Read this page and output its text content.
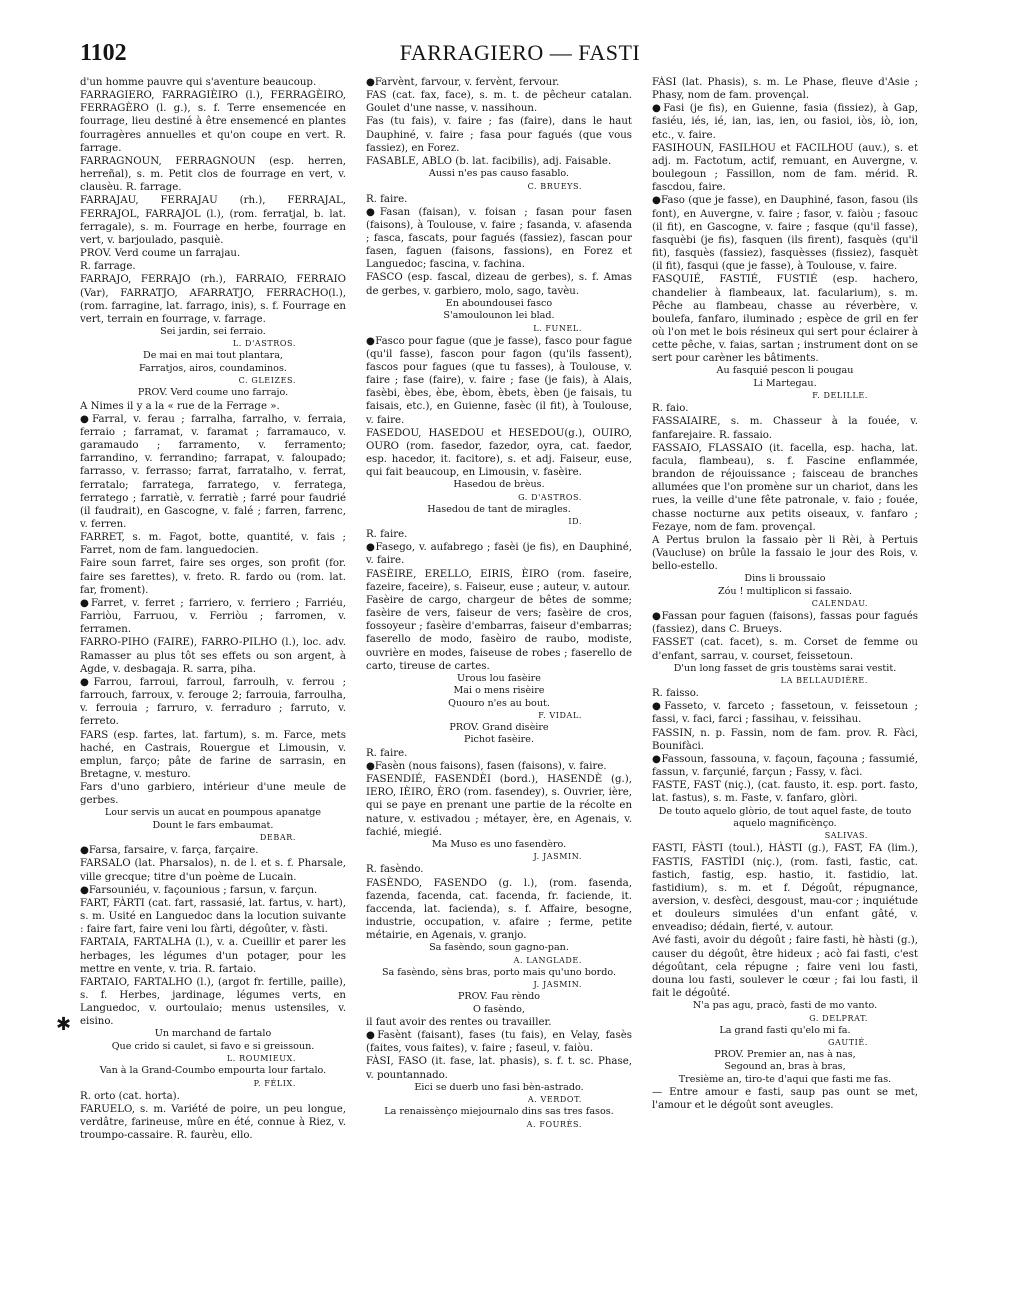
1102	FARRAGIERO — FASTI
✱

d'un homme pauvre qui s'aventure beaucoup.

FARRAGIERO, FARRAGIÈIRO (l.), FERRAGÈIRO, FERRAGÈRO (l. g.), s. f. Terre ensemencée en fourrage, lieu destiné à être ensemencé en plantes fourragères annuelles et qu'on coupe en vert. R. farrage.

FARRAGNOUN, FERRAGNOUN (esp. herren, herreñal), s. m. Petit clos de fourrage en vert, v. clausèu. R. farrage.

FARRAJAU, FERRAJAU (rh.), FERRAJAL, FERRAJOL, FARRAJOL (l.), (rom. ferratjal, b. lat. ferragale), s. m. Fourrage en herbe, fourrage en vert, v. barjoulado, pasquiè.

PROV. Verd coume un farrajau.

R. farrage.

FARRAJO, FERRAJO (rh.), FARRAIO, FERRAIO (Var), FARRATJO, AFARRATJO, FERRACHO(l.), (rom. farragine, lat. farrago, inis), s. f. Fourrage en vert, terrain en fourrage, v. farrage.

Sei jardin, sei ferraio.

L. D'ASTROS.

De mai en mai tout plantara,

Farratjos, airos, coundaminos.

C. GLEIZES.

PROV. Verd coume uno farrajo.

A Nimes il y a la « rue de la Ferrage ».

●Farral, v. ferau ; farralha, farralho, v. ferraia, ferraio ; farramat, v. faramat ; farramauco, v. garamaudo ; farramento, v. ferramento; farrandino, v. ferrandino; farrapat, v. faloupado; farrasso, v. ferrasso; farrat, farratalho, v. ferrat, ferratalo; farratega, farratego, v. ferratega, ferratego ; farratiè, v. ferratiè ; farré pour faudrié (il faudrait), en Gascogne, v. falé ; farren, farrenc, v. ferren.

FARRET, s. m. Fagot, botte, quantité, v. fais ; Farret, nom de fam. languedocien.

Faire soun farret, faire ses orges, son profit (for. faire ses farettes), v. freto. R. fardo ou (rom. lat. far, froment).

●Farret, v. ferret ; farriero, v. ferriero ; Farriéu, Farriòu, Farruou, v. Ferriòu ; farromen, v. ferramen.

FARRO-PIHO (FAIRE), FARRO-PILHO (l.), loc. adv. Ramasser au plus tôt ses effets ou son argent, à Agde, v. desbagaja. R. sarra, piha.

●Farrou, farroui, farroul, farroulh, v. ferrou ; farrouch, farroux, v. ferouge 2; farrouia, farroulha, v. ferrouia ; farruro, v. ferraduro ; farruto, v. ferreto.

FARS (esp. fartes, lat. fartum), s. m. Farce, mets haché, en Castrais, Rouergue et Limousin, v. emplun, farço; pâte de farine de sarrasin, en Bretagne, v. mesturo.

Fars d'uno garbiero, intérieur d'une meule de gerbes.

Lour servis un aucat en poumpous apanatge

Dount le fars embaumat.

DEBAR.

●Farsa, farsaire, v. farça, farçaire.

FARSALO (lat. Pharsalos), n. de l. et s. f. Pharsale, ville grecque; titre d'un poème de Lucain.

●Farsouniéu, v. façounious ; farsun, v. farçun.

FART, FÀRTI (cat. fart, rassasié, lat. fartus, v. hart), s. m. Usité en Languedoc dans la locution suivante : faire fart, faire veni lou fàrti, dégoûter, v. fàsti.

FARTAIA, FARTALHA (l.), v. a. Cueillir et parer les herbages, les légumes d'un potager, pour les mettre en vente, v. tria. R. fartaio.

FARTAIO, FARTALHO (l.), (argot fr. fertille, paille), s. f. Herbes, jardinage, légumes verts, en Languedoc, v. ourtoulaio; menus ustensiles, v. eisino.

Un marchand de fartalo

Que crido si caulet, si favo e si greissoun.

L. ROUMIEUX.

Van à la Grand-Coumbo empourta lour fartalo.

P. FÉLIX.

R. orto (cat. horta).

FARUELO, s. m. Variété de poire, un peu longue, verdâtre, farineuse, mûre en été, connue à Riez, v. troumpo-cassaire. R. faurèu, ello.

●Farvènt, farvour, v. fervènt, fervour.

FAS (cat. fax, face), s. m. t. de pêcheur catalan. Goulet d'une nasse, v. nassihoun.

Fas (tu fais), v. faire ; fas (faire), dans le haut Dauphiné, v. faire ; fasa pour fagués (que vous fassiez), en Forez.

FASABLE, ABLO (b. lat. facibilis), adj. Faisable.

Aussi n'es pas causo fasablo.

C. BRUEYS.

R. faire.

●Fasan (faisan), v. foisan ; fasan pour fasen (faisons), à Toulouse, v. faire ; fasanda, v. afasenda ; fasca, fascats, pour fagués (fassiez), fascan pour fasen, faguen (faisons, fassions), en Forez et Languedoc; fascina, v. fachina.

FASCO (esp. fascal, dizeau de gerbes), s. f. Amas de gerbes, v. garbiero, molo, sago, tavèu.

En aboundousei fasco

S'amoulounon lei blad.

L. FUNEL.

●Fasco pour fague (que je fasse), fasco pour fague (qu'il fasse), fascon pour fagon (qu'ils fassent), fascos pour fagues (que tu fasses), à Toulouse, v. faire ; fase (faire), v. faire ; fase (je fais), à Alais, fasèbi, èbes, èbe, èbom, èbets, èben (je faisais, tu faisais, etc.), en Guienne, fasèc (il fit), à Toulouse, v. faire.

FASEDOU, HASEDOU et HESEDOU(g.), OUIRO, OURO (rom. fasedor, fazedor, oyra, cat. faedor, esp. hacedor, it. facitore), s. et adj. Faiseur, euse, qui fait beaucoup, en Limousin, v. fasèire.

Hasedou de brèus.

G. D'ASTROS.

Hasedou de tant de miragles.

ID.

R. faire.

●Fasego, v. aufabrego ; fasèi (je fis), en Dauphiné, v. faire.

FASÈIRE, ERELLO, EIRIS, ÈIRO (rom. faseire, fazeire, faceire), s. Faiseur, euse ; auteur, v. autour.

Fasèire de cargo, chargeur de bêtes de somme; fasèire de vers, faiseur de vers; fasèire de cros, fossoyeur ; fasèire d'embarras, faiseur d'embarras; faserello de modo, fasèiro de raubo, modiste, ouvrière en modes, faiseuse de robes ; faserello de carto, tireuse de cartes.

Urous lou fasèire

Mai o mens risèire

Quouro n'es au bout.

F. VIDAL.

PROV. Grand disèire

Pichot fasèire.

R. faire.

●Fasèn (nous faisons), fasen (faisons), v. faire.

FASENDIÉ, FASENDÈI (bord.), HASENDÈ (g.), IERO, IÈIRO, ÈRO (rom. fasendey), s. Ouvrier, ière, qui se paye en prenant une partie de la récolte en nature, v. estivadou ; métayer, ère, en Agenais, v. fachié, miegié.

Ma Muso es uno fasendèro.

J. JASMIN.

R. fasèndo.

FASÈNDO, FASENDO (g. l.), (rom. fasenda, fazenda, facenda, cat. facenda, fr. faciende, it. faccenda, lat. facienda), s. f. Affaire, besogne, industrie, occupation, v. afaire ; ferme, petite métairie, en Agenais, v. granjo.

Sa fasèndo, soun gagno-pan.

A. LANGLADE.

Sa fasèndo, sèns bras, porto mais qu'uno bordo.

J. JASMIN.

PROV. Fau rèndo

O fasèndo,

il faut avoir des rentes ou travailler.

●Fasènt (faisant), fases (tu fais), en Velay, fasès (faites, vous faites), v. faire ; faseul, v. faiòu.

FÀSI, FASO (it. fase, lat. phasis), s. f. t. sc. Phase, v. pountannado.

Eici se duerb uno fasi bèn-astrado.

A. VERDOT.

La renaissènço miejournalo dins sas tres fasos.

A. FOURÈS.

FÀSI (lat. Phasis), s. m. Le Phase, fleuve d'Asie ; Phasy, nom de fam. provençal.

●Fasi (je fis), en Guienne, fasia (fissiez), à Gap, fasiéu, iés, ié, ian, ias, ien, ou fasioi, iòs, iò, ion, etc., v. faire.

FASIHOUN, FASILHOU et FACILHOU (auv.), s. et adj. m. Factotum, actif, remuant, en Auvergne, v. boulegoun ; Fassillon, nom de fam. mérid. R. fascdou, faire.

●Faso (que je fasse), en Dauphiné, fason, fasou (ils font), en Auvergne, v. faire ; fasor, v. faiòu ; fasouc (il fit), en Gascogne, v. faire ; fasque (qu'il fasse), fasquèbi (je fis), fasquen (ils firent), fasquès (qu'il fit), fasquès (fassiez), fasquèsses (fissiez), fasquèt (il fit), fasqui (que je fasse), à Toulouse, v. faire.

FASQUIÉ, FASTIÉ, FUSTIÉ (esp. hachero, chandelier à flambeaux, lat. facularium), s. m. Pêche au flambeau, chasse au réverbère, v. boulefa, fanfaro, iluminado ; espèce de gril en fer où l'on met le bois résineux qui sert pour éclairer à cette pêche, v. faias, sartan ; instrument dont on se sert pour carèner les bâtiments.

Au fasquié pescon li pougau

Li Martegau.

F. DELILLE.

R. faio.

FASSAIAIRE, s. m. Chasseur à la fouée, v. fanfarejaire. R. fassaio.

FASSAIO, FLASSAIO (it. facella, esp. hacha, lat. facula, flambeau), s. f. Fascine enflammée, brandon de réjouissance ; faisceau de branches allumées que l'on promène sur un chariot, dans les rues, la veille d'une fête patronale, v. faio ; fouée, chasse nocturne aux petits oiseaux, v. fanfaro ; Fezaye, nom de fam. provençal.

A Pertus brulon la fassaio pèr li Rèi, à Pertuis (Vaucluse) on brûle la fassaio le jour des Rois, v. bello-estello.

Dins li broussaio

Zóu ! multiplicon si fassaio.

CALENDAU.

●Fassan pour faguen (faisons), fassas pour fagués (fassiez), dans C. Brueys.

FASSET (cat. facet), s. m. Corset de femme ou d'enfant, sarrau, v. courset, feissetoun.

D'un long fasset de gris toustèms sarai vestit.

LA BELLAUDIÈRE.

R. faisso.

●Fasseto, v. farceto ; fassetoun, v. feissetoun ; fassi, v. faci, farci ; fassihau, v. feissihau.

FASSIN, n. p. Fassin, nom de fam. prov. R. Fàci, Bounifàci.

●Fassoun, fassouna, v. façoun, façouna ; fassumié, fassun, v. farçunié, farçun ; Fassy, v. fàci.

FASTE, FAST (niç.), (cat. fausto, it. esp. port. fasto, lat. fastus), s. m. Faste, v. fanfaro, glòri.

De touto aquelo glòrio, de tout aquel faste, de touto aquelo magnificènço.

SALIVAS.

FASTI, FÀSTI (toul.), HÀSTI (g.), FAST, FA (lim.), FASTIS, FASTÌDI (niç.), (rom. fasti, fastic, cat. fastich, fastig, esp. hastio, it. fastidio, lat. fastidium), s. m. et f. Dégoût, répugnance, aversion, v. desfèci, desgoust, mau-cor ; inquiétude et douleurs simulées d'un enfant gâté, v. enveadiso; dédain, fierté, v. autour.

Avé fasti, avoir du dégoût ; faire fasti, hè hàsti (g.), causer du dégoût, être hideux ; acò fai fasti, c'est dégoûtant, cela répugne ; faire veni lou fasti, douna lou fasti, soulever le cœur ; fai lou fasti, il fait le dégoûté.

N'a pas agu, pracò, fasti de mo vanto.

G. DELPRAT.

La grand fasti qu'elo mi fa.

GAUTIÉ.

PROV. Premier an, nas à nas,

Segound an, bras à bras,

Tresième an, tiro-te d'aqui que fasti me fas.

— Entre amour e fasti, saup pas ount se met, l'amour et le dégoût sont aveugles.
